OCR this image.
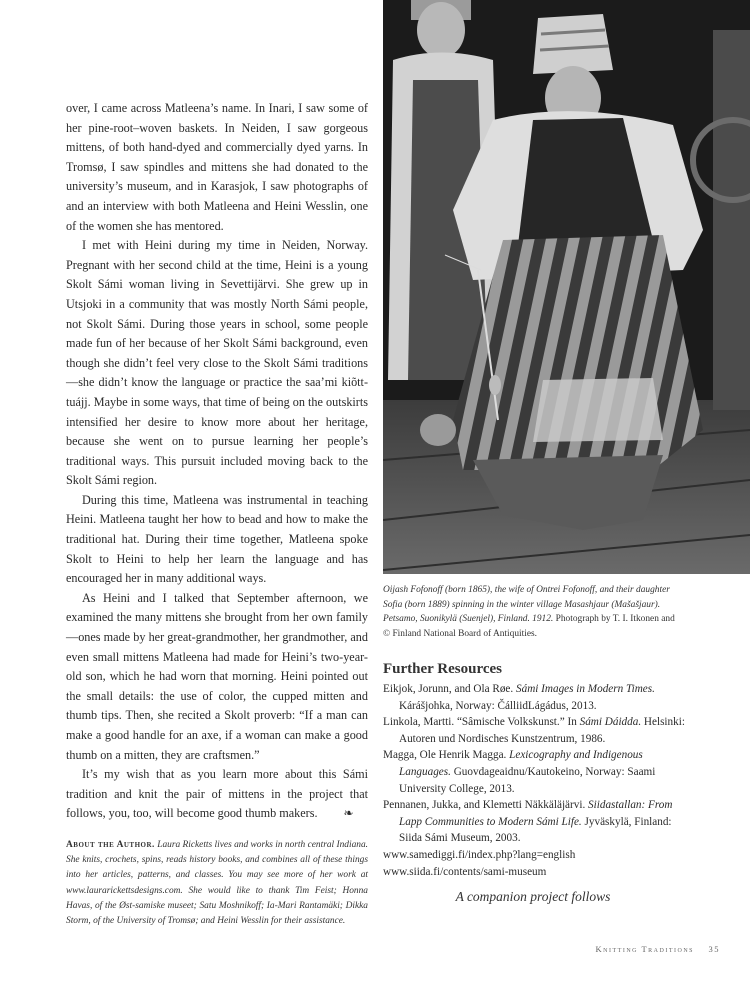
over, I came across Matleena’s name. In Inari, I saw some of her pine-root–woven baskets. In Neiden, I saw gorgeous mittens, of both hand-dyed and commercially dyed yarns. In Tromsø, I saw spindles and mittens she had donated to the university’s museum, and in Karasjok, I saw photographs of and an interview with both Matleena and Heini Wesslin, one of the women she has mentored.

I met with Heini during my time in Neiden, Norway. Pregnant with her second child at the time, Heini is a young Skolt Sámi woman living in Sevettijärvi. She grew up in Utsjoki in a community that was mostly North Sámi people, not Skolt Sámi. During those years in school, some people made fun of her because of her Skolt Sámi background, even though she didn’t feel very close to the Skolt Sámi traditions—she didn’t know the language or practice the saa’mi kiõtt-tuájj. Maybe in some ways, that time of being on the outskirts intensified her desire to know more about her heritage, because she went on to pursue learning her people’s traditional ways. This pursuit included moving back to the Skolt Sámi region.

During this time, Matleena was instrumental in teaching Heini. Matleena taught her how to bead and how to make the traditional hat. During their time together, Matleena spoke Skolt to Heini to help her learn the language and has encouraged her in many additional ways.

As Heini and I talked that September afternoon, we examined the many mittens she brought from her own family—ones made by her great-grandmother, her grandmother, and even small mittens Matleena had made for Heini’s two-year-old son, which he had worn that morning. Heini pointed out the small details: the use of color, the cupped mitten and thumb tips. Then, she recited a Skolt proverb: “If a man can make a good handle for an axe, if a woman can make a good thumb on a mitten, they are craftsmen.”

It’s my wish that as you learn more about this Sámi tradition and knit the pair of mittens in the project that follows, you, too, will become good thumb makers. ❧

About the Author. Laura Ricketts lives and works in north central Indiana. She knits, crochets, spins, reads history books, and combines all of these things into her articles, patterns, and classes. You may see more of her work at www.laurarickettsdesigns.com. She would like to thank Tim Feist; Honna Havas, of the Øst-samiske museet; Satu Moshnikoff; Ia-Mari Rantamäki; Dikka Storm, of the University of Tromsø; and Heini Wesslin for their assistance.
Oijash Fofonoff (born 1865), the wife of Ontrei Fofonoff, and their daughter Sofia (born 1889) spinning in the winter village Masashjaur (Mašašjaur). Petsamo, Suonikylä (Suenjel), Finland. 1912. Photograph by T. I. Itkonen and © Finland National Board of Antiquities.
Further Resources
Eikjok, Jorunn, and Ola Røe. Sámi Images in Modern Times. Kárášjohka, Norway: ČálliidLágádus, 2013.
Linkola, Martti. “Sâmische Volkskunst.” In Sámi Dáidda. Helsinki: Autoren und Nordisches Kunstzentrum, 1986.
Magga, Ole Henrik Magga. Lexicography and Indigenous Languages. Guovdageaidnu/Kautokeino, Norway: Saami University College, 2013.
Pennanen, Jukka, and Klemetti Näkkäläjärvi. Siidastallan: From Lapp Communities to Modern Sámi Life. Jyväskylä, Finland: Siida Sámi Museum, 2003.
www.samediggi.fi/index.php?lang=english
www.siida.fi/contents/sami-museum
A companion project follows
Knitting Traditions 35
